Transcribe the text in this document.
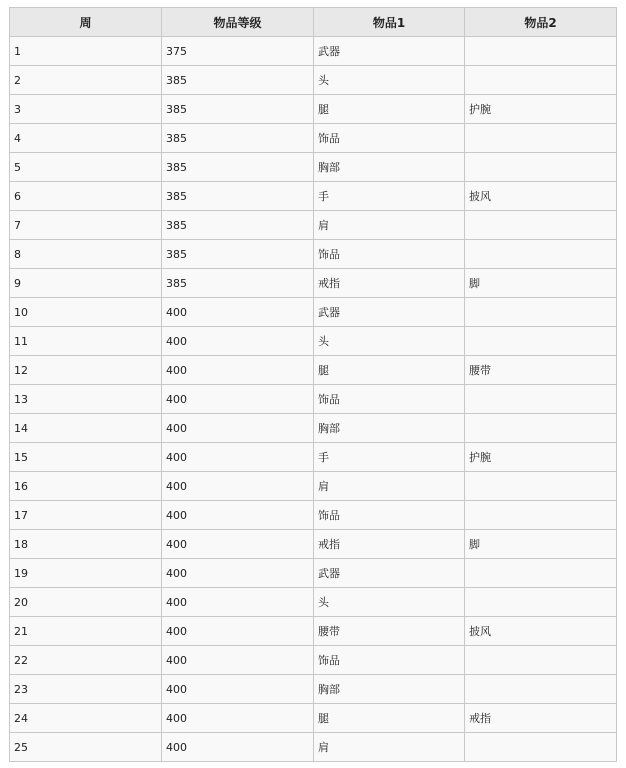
周	物品等级	物品1	物品2
1	375	武器	
2	385	头	
3	385	腿	护腕
4	385	饰品	
5	385	胸部	
6	385	手	披风
7	385	肩	
8	385	饰品	
9	385	戒指	脚
10	400	武器	
11	400	头	
12	400	腿	腰带
13	400	饰品	
14	400	胸部	
15	400	手	护腕
16	400	肩	
17	400	饰品	
18	400	戒指	脚
19	400	武器	
20	400	头	
21	400	腰带	披风
22	400	饰品	
23	400	胸部	
24	400	腿	戒指
25	400	肩	
